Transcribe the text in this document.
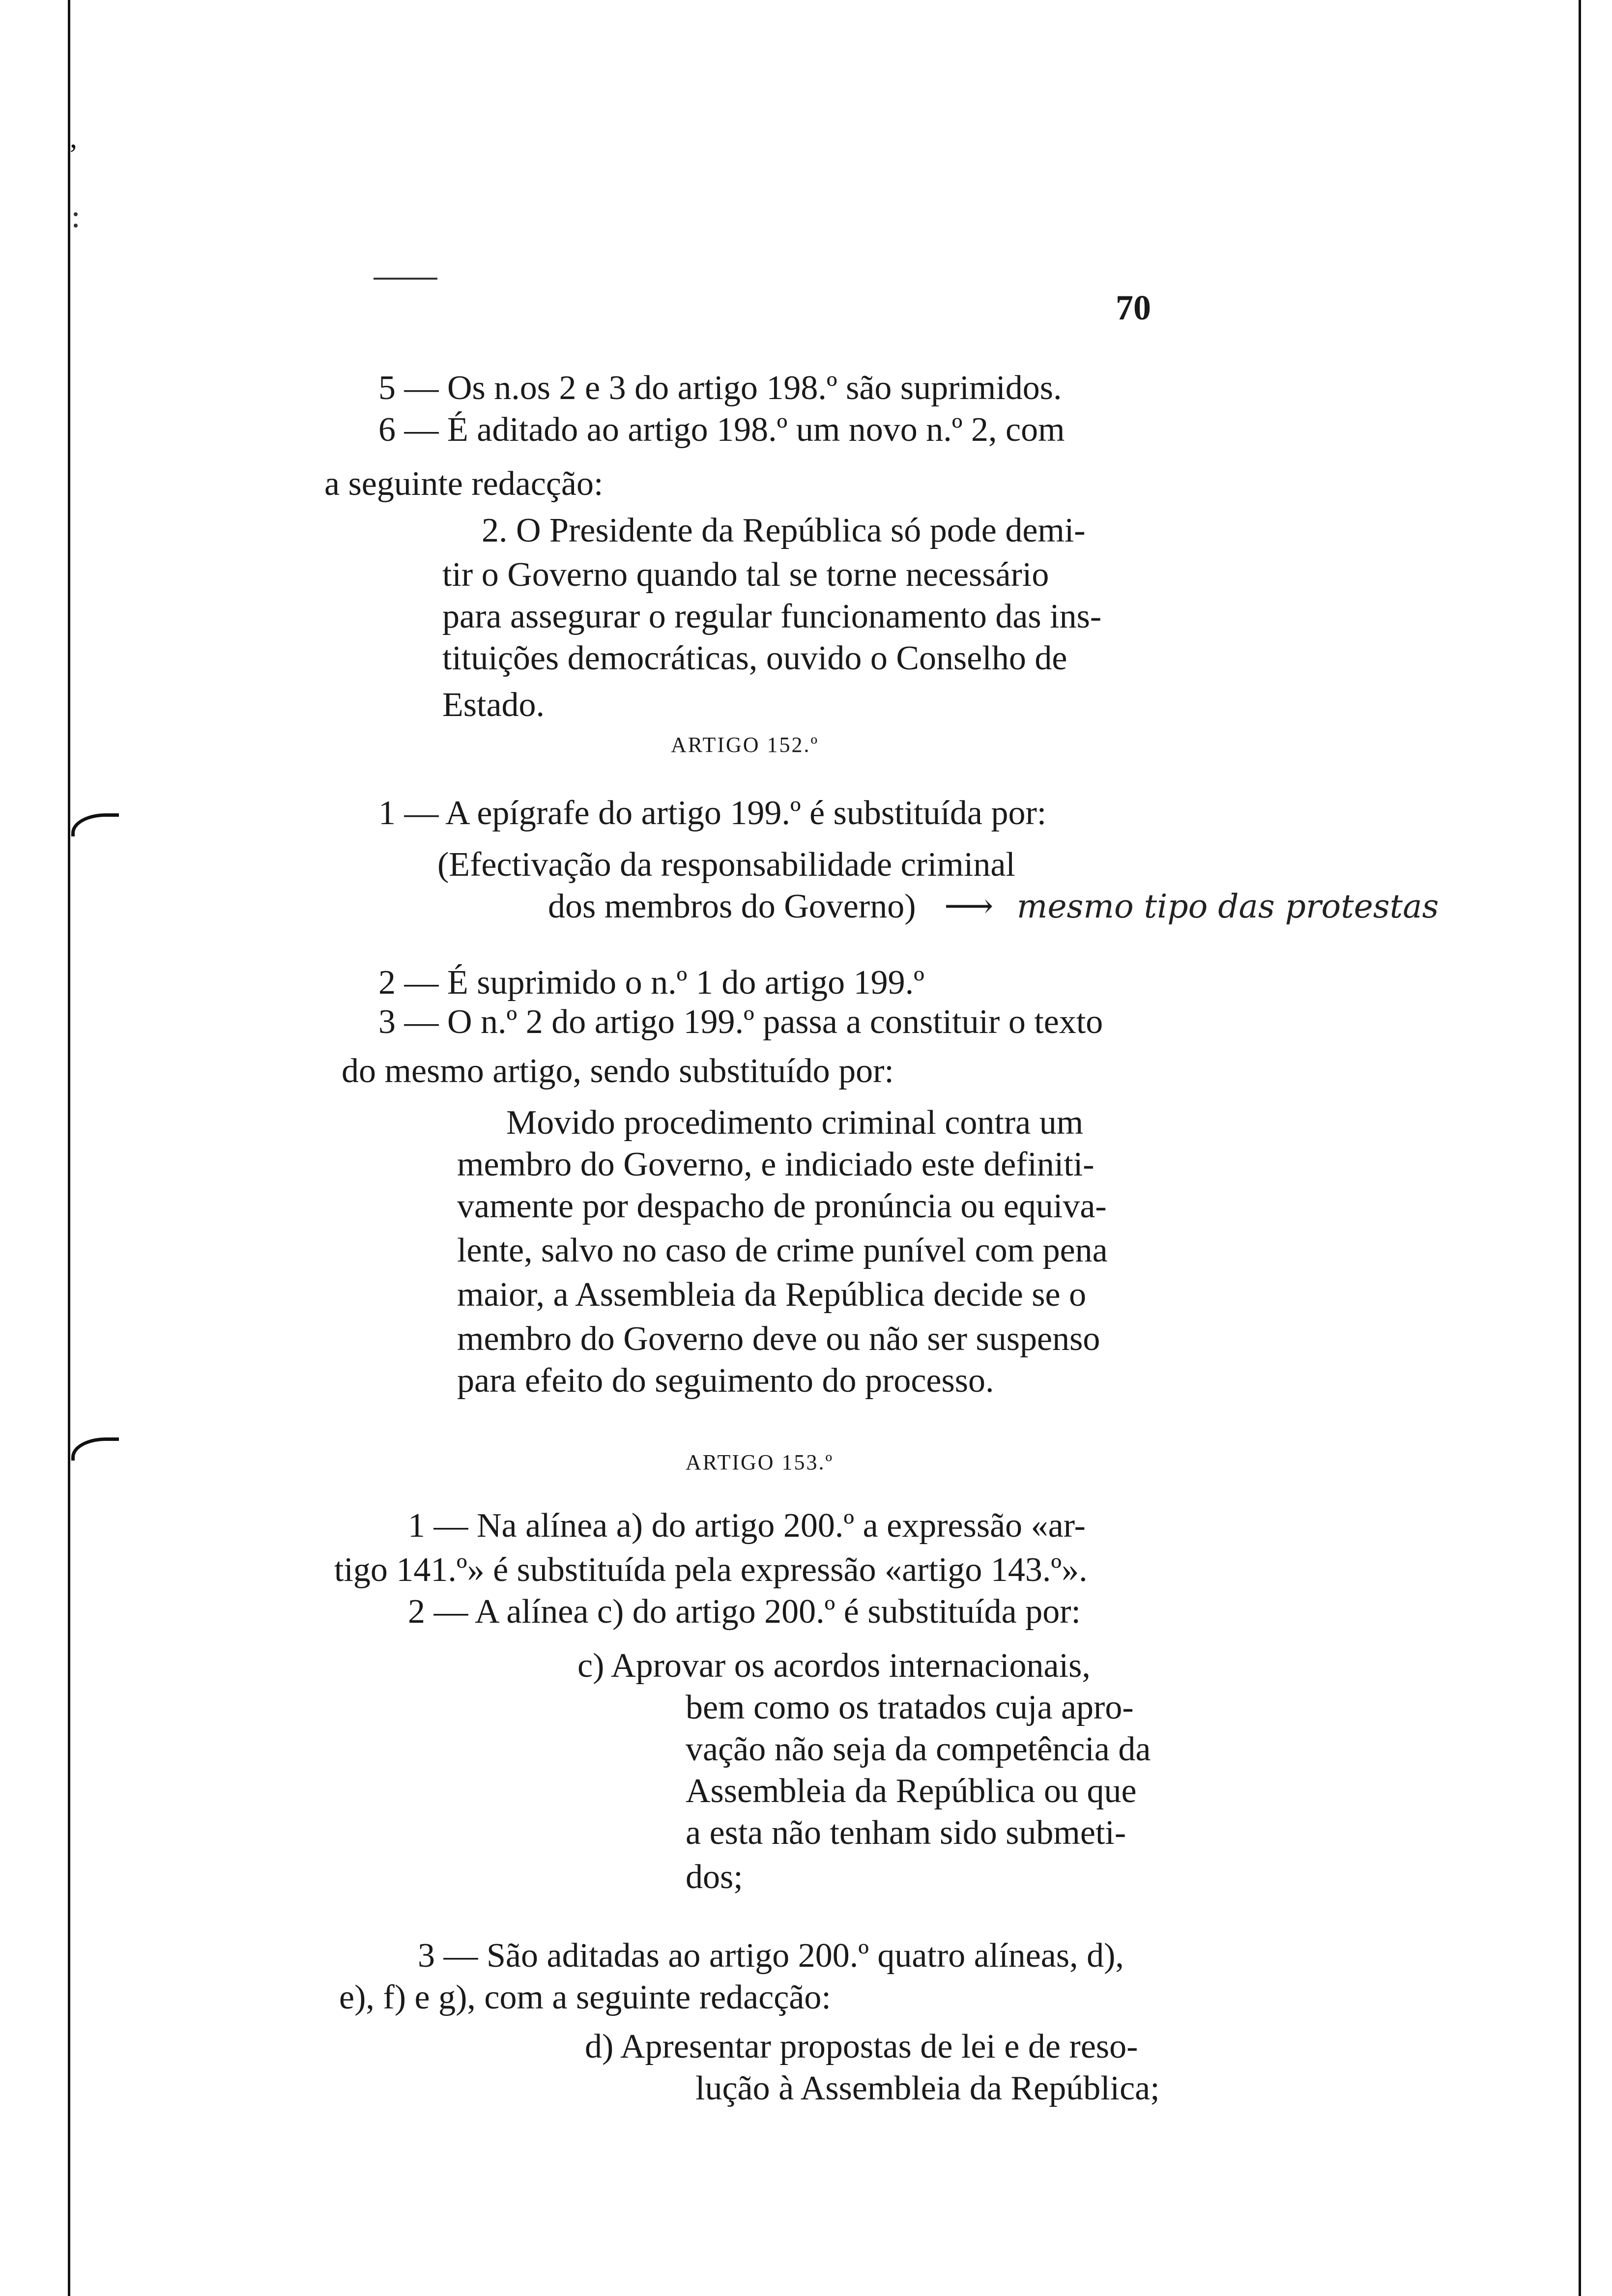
,
70
5 — Os n.os 2 e 3 do artigo 198.º são suprimidos.
6 — É aditado ao artigo 198.º um novo n.º 2, com
a seguinte redacção:
2. O Presidente da República só pode demi-
tir o Governo quando tal se torne necessário
para assegurar o regular funcionamento das ins-
tituições democráticas, ouvido o Conselho de
Estado.
ARTIGO 152.º
1 — A epígrafe do artigo 199.º é substituída por:
(Efectivação da responsabilidade criminal
dos membros do Governo) ⟶ mesmo tipo das protestas
2 — É suprimido o n.º 1 do artigo 199.º
3 — O n.º 2 do artigo 199.º passa a constituir o texto
do mesmo artigo, sendo substituído por:
Movido procedimento criminal contra um
membro do Governo, e indiciado este definiti-
vamente por despacho de pronúncia ou equiva-
lente, salvo no caso de crime punível com pena
maior, a Assembleia da República decide se o
membro do Governo deve ou não ser suspenso
para efeito do seguimento do processo.
ARTIGO 153.º
1 — Na alínea a) do artigo 200.º a expressão «ar-
tigo 141.º» é substituída pela expressão «artigo 143.º».
2 — A alínea c) do artigo 200.º é substituída por:
c) Aprovar os acordos internacionais,
bem como os tratados cuja apro-
vação não seja da competência da
Assembleia da República ou que
a esta não tenham sido submeti-
dos;
3 — São aditadas ao artigo 200.º quatro alíneas, d),
e), f) e g), com a seguinte redacção:
d) Apresentar propostas de lei e de reso-
lução à Assembleia da República;
